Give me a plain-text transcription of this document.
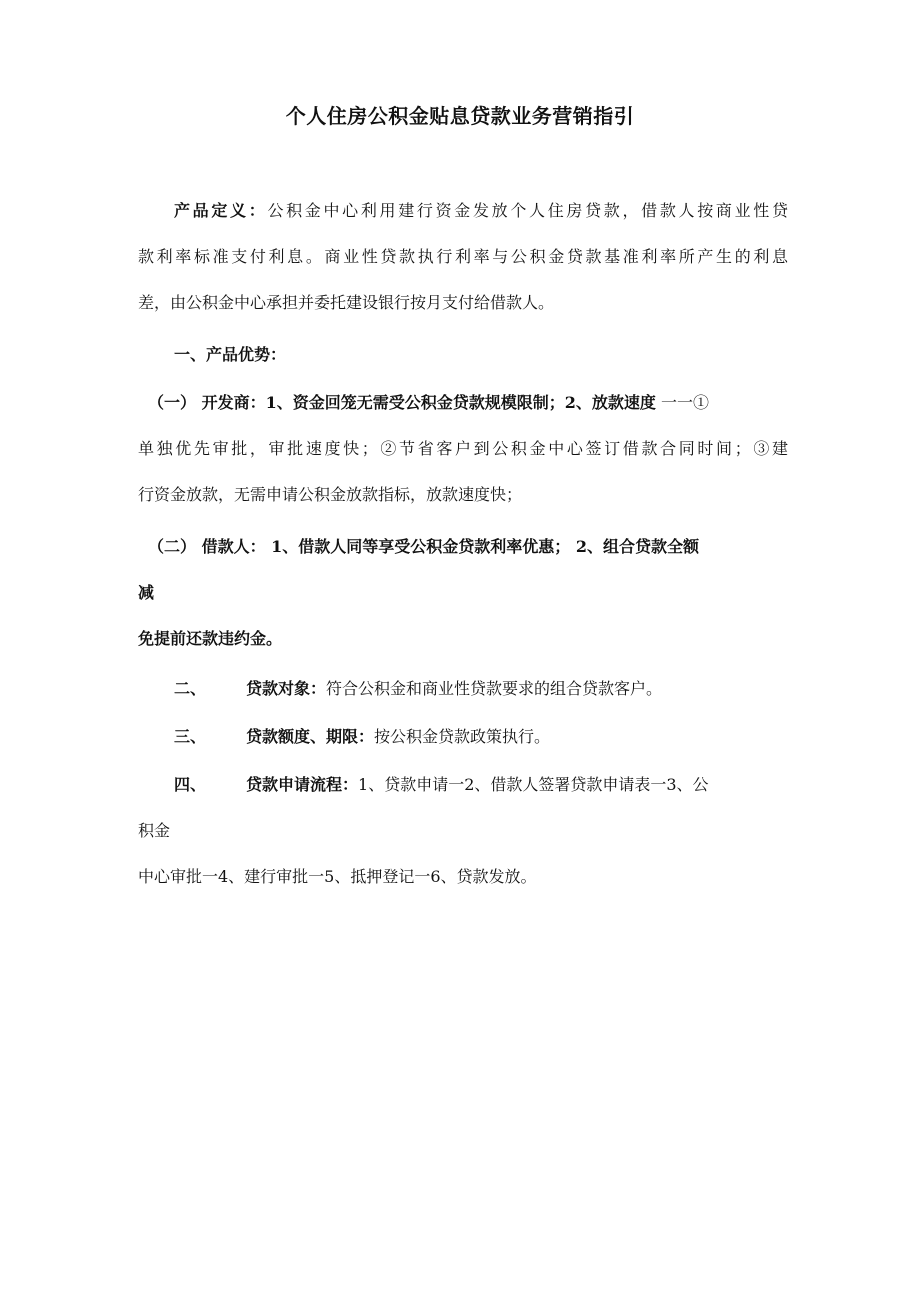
个人住房公积金贴息贷款业务营销指引
产品定义：公积金中心利用建行资金发放个人住房贷款，借款人按商业性贷
款利率标准支付利息。商业性贷款执行利率与公积金贷款基准利率所产生的利息
差，由公积金中心承担并委托建设银行按月支付给借款人。
一、产品优势：
（一） 开发商：1、资金回笼无需受公积金贷款规模限制；2、放款速度 一一①
单独优先审批，审批速度快；②节省客户到公积金中心签订借款合同时间；③建
行资金放款，无需申请公积金放款指标，放款速度快；
（二） 借款人： 1、借款人同等享受公积金贷款利率优惠； 2、组合贷款全额
减
免提前还款违约金。
二、 贷款对象：符合公积金和商业性贷款要求的组合贷款客户。
三、 贷款额度、期限：按公积金贷款政策执行。
四、 贷款申请流程：1、贷款申请一2、借款人签署贷款申请表一3、公
积金
中心审批一4、建行审批一5、抵押登记一6、贷款发放。
